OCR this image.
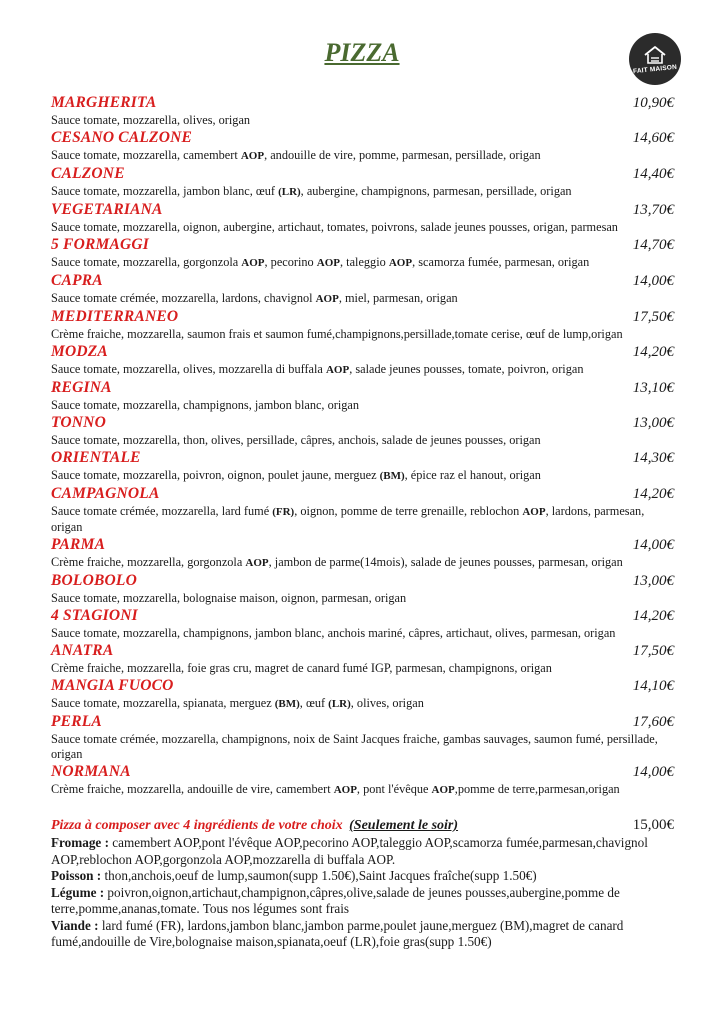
PIZZA
FAIT MAISON
MARGHERITA	10,90€
Sauce tomate, mozzarella, olives, origan
CESANO CALZONE	14,60€
Sauce tomate, mozzarella, camembert AOP, andouille de vire, pomme, parmesan, persillade, origan
CALZONE	14,40€
Sauce tomate, mozzarella, jambon blanc, œuf (LR), aubergine, champignons, parmesan, persillade, origan
VEGETARIANA	13,70€
Sauce tomate, mozzarella, oignon, aubergine, artichaut, tomates, poivrons, salade jeunes pousses, origan, parmesan
5 FORMAGGI	14,70€
Sauce tomate, mozzarella, gorgonzola AOP, pecorino AOP, taleggio AOP, scamorza fumée, parmesan, origan
CAPRA	14,00€
Sauce tomate crémée, mozzarella, lardons, chavignol AOP, miel, parmesan, origan
MEDITERRANEO	17,50€
Crème fraiche, mozzarella, saumon frais et saumon fumé,champignons,persillade,tomate cerise, œuf de lump,origan
MODZA	14,20€
Sauce tomate, mozzarella, olives, mozzarella di buffala AOP, salade jeunes pousses, tomate, poivron, origan
REGINA	13,10€
Sauce tomate, mozzarella, champignons, jambon blanc, origan
TONNO	13,00€
Sauce tomate, mozzarella, thon, olives, persillade, câpres, anchois, salade de jeunes pousses, origan
ORIENTALE	14,30€
Sauce tomate, mozzarella, poivron, oignon, poulet jaune, merguez (BM), épice raz el hanout, origan
CAMPAGNOLA	14,20€
Sauce tomate crémée, mozzarella, lard fumé (FR), oignon, pomme de terre grenaille, reblochon AOP, lardons, parmesan, origan
PARMA	14,00€
Crème fraiche, mozzarella, gorgonzola AOP, jambon de parme(14mois), salade de jeunes pousses, parmesan, origan
BOLOBOLO	13,00€
Sauce tomate, mozzarella, bolognaise maison, oignon, parmesan, origan
4 STAGIONI	14,20€
Sauce tomate, mozzarella, champignons, jambon blanc, anchois mariné, câpres, artichaut, olives, parmesan, origan
ANATRA	17,50€
Crème fraiche, mozzarella, foie gras cru, magret de canard fumé IGP, parmesan, champignons, origan
MANGIA FUOCO	14,10€
Sauce tomate, mozzarella, spianata, merguez (BM), œuf (LR), olives, origan
PERLA	17,60€
Sauce tomate crémée, mozzarella, champignons, noix de Saint Jacques fraiche, gambas sauvages, saumon fumé, persillade, origan
NORMANA	14,00€
Crème fraiche, mozzarella, andouille de vire, camembert AOP, pont l'évêque AOP,pomme de terre,parmesan,origan
Pizza à composer avec 4 ingrédients de votre choix (Seulement le soir)	15,00€
Fromage : camembert AOP,pont l'évêque AOP,pecorino AOP,taleggio AOP,scamorza fumée,parmesan,chavignol AOP,reblochon AOP,gorgonzola AOP,mozzarella di buffala AOP.
Poisson : thon,anchois,oeuf de lump,saumon(supp 1.50€),Saint Jacques fraîche(supp 1.50€)
Légume : poivron,oignon,artichaut,champignon,câpres,olive,salade de jeunes pousses,aubergine,pomme de terre,pomme,ananas,tomate. Tous nos légumes sont frais
Viande : lard fumé (FR), lardons,jambon blanc,jambon parme,poulet jaune,merguez (BM),magret de canard fumé,andouille de Vire,bolognaise maison,spianata,oeuf (LR),foie gras(supp 1.50€)
